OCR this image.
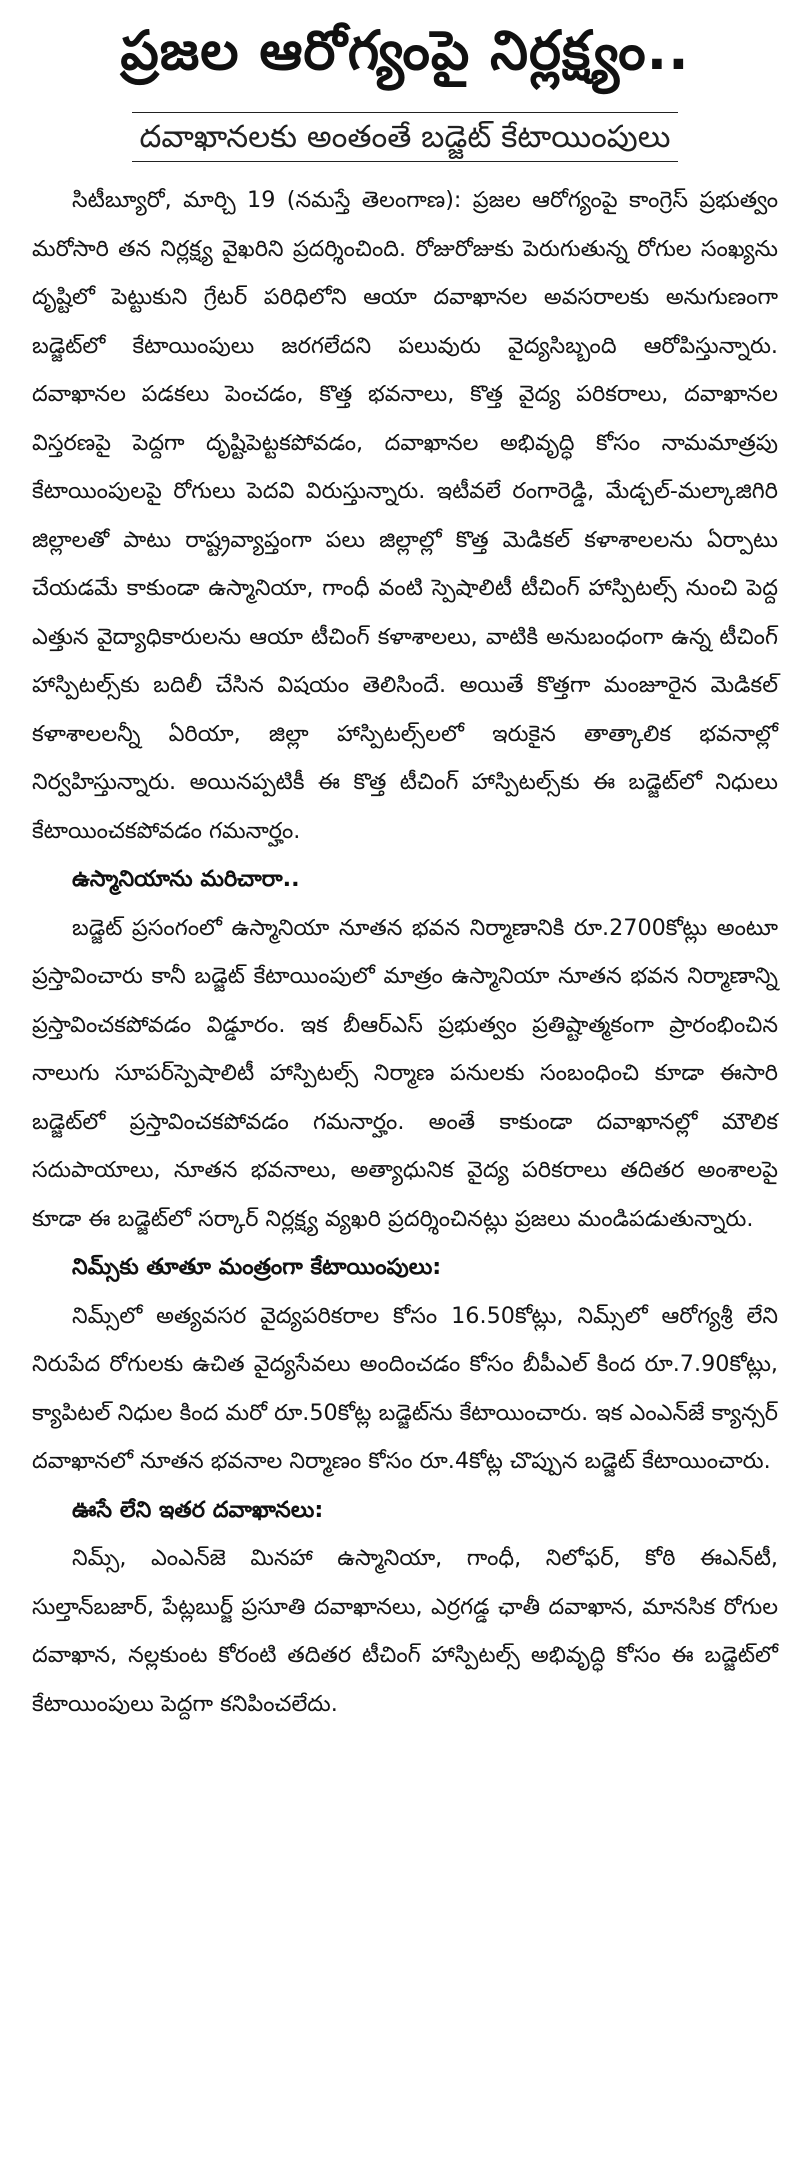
ప్రజల ఆరోగ్యంపై నిర్లక్ష్యం..
దవాఖానలకు అంతంతే బడ్జెట్ కేటాయింపులు

సిటీబ్యూరో, మార్చి 19 (నమస్తే తెలంగాణ): ప్రజల ఆరోగ్యంపై కాంగ్రెస్ ప్రభుత్వం మరోసారి తన నిర్లక్ష్య వైఖరిని ప్రదర్శించింది. రోజురోజుకు పెరుగుతున్న రోగుల సంఖ్యను దృష్టిలో పెట్టుకుని గ్రేటర్ పరిధిలోని ఆయా దవాఖానల అవసరాలకు అనుగుణంగా బడ్జెట్‌లో కేటాయింపులు జరగలేదని పలువురు వైద్యసిబ్బంది ఆరోపిస్తున్నారు. దవాఖానల పడకలు పెంచడం, కొత్త భవనాలు, కొత్త వైద్య పరికరాలు, దవాఖానల విస్తరణపై పెద్దగా దృష్టిపెట్టకపోవడం, దవాఖానల అభివృద్ధి కోసం నామమాత్రపు కేటాయింపులపై రోగులు పెదవి విరుస్తున్నారు. ఇటీవలే రంగారెడ్డి, మేడ్చల్-మల్కాజిగిరి జిల్లాలతో పాటు రాష్ట్రవ్యాప్తంగా పలు జిల్లాల్లో కొత్త మెడికల్ కళాశాలలను ఏర్పాటు చేయడమే కాకుండా ఉస్మానియా, గాంధీ వంటి స్పెషాలిటీ టీచింగ్ హాస్పిటల్స్ నుంచి పెద్ద ఎత్తున వైద్యాధికారులను ఆయా టీచింగ్ కళాశాలలు, వాటికి అనుబంధంగా ఉన్న టీచింగ్ హాస్పిటల్స్‌కు బదిలీ చేసిన విషయం తెలిసిందే. అయితే కొత్తగా మంజూరైన మెడికల్ కళాశాలలన్నీ ఏరియా, జిల్లా హాస్పిటల్స్‌లలో ఇరుకైన తాత్కాలిక భవనాల్లో నిర్వహిస్తున్నారు. అయినప్పటికీ ఈ కొత్త టీచింగ్ హాస్పిటల్స్‌కు ఈ బడ్జెట్‌లో నిధులు కేటాయించకపోవడం గమనార్హం.

ఉస్మానియాను మరిచారా..

బడ్జెట్ ప్రసంగంలో ఉస్మానియా నూతన భవన నిర్మాణానికి రూ.2700కోట్లు అంటూ ప్రస్తావించారు కానీ బడ్జెట్ కేటాయింపులో మాత్రం ఉస్మానియా నూతన భవన నిర్మాణాన్ని ప్రస్తావించకపోవడం విడ్డూరం. ఇక బీఆర్‌ఎస్ ప్రభుత్వం ప్రతిష్టాత్మకంగా ప్రారంభించిన నాలుగు సూపర్‌స్పెషాలిటీ హాస్పిటల్స్ నిర్మాణ పనులకు సంబంధించి కూడా ఈసారి బడ్జెట్‌లో ప్రస్తావించకపోవడం గమనార్హం. అంతే కాకుండా దవాఖానల్లో మౌలిక సదుపాయాలు, నూతన భవనాలు, అత్యాధునిక వైద్య పరికరాలు తదితర అంశాలపై కూడా ఈ బడ్జెట్‌లో సర్కార్ నిర్లక్ష్య వ్యఖరి ప్రదర్శించినట్లు ప్రజలు మండిపడుతున్నారు.

నిమ్స్‌కు తూతూ మంత్రంగా కేటాయింపులు:

నిమ్స్‌లో అత్యవసర వైద్యపరికరాల కోసం 16.50కోట్లు, నిమ్స్‌లో ఆరోగ్యశ్రీ లేని నిరుపేద రోగులకు ఉచిత వైద్యసేవలు అందించడం కోసం బీపీఎల్ కింద రూ.7.90కోట్లు, క్యాపిటల్ నిధుల కింద మరో రూ.50కోట్ల బడ్జెట్‌ను కేటాయించారు. ఇక ఎంఎన్‌జే క్యాన్సర్ దవాఖానలో నూతన భవనాల నిర్మాణం కోసం రూ.4కోట్ల చొప్పున బడ్జెట్ కేటాయించారు.

ఊసే లేని ఇతర దవాఖానలు:

నిమ్స్, ఎంఎన్‌జె మినహా ఉస్మానియా, గాంధీ, నిలోఫర్, కోఠి ఈఎన్‌టీ, సుల్తాన్‌బజార్, పేట్లబుర్జ్ ప్రసూతి దవాఖానలు, ఎర్రగడ్డ ఛాతీ దవాఖాన, మానసిక రోగుల దవాఖాన, నల్లకుంట కోరంటి తదితర టీచింగ్ హాస్పిటల్స్ అభివృద్ధి కోసం ఈ బడ్జెట్‌లో కేటాయింపులు పెద్దగా కనిపించలేదు.
